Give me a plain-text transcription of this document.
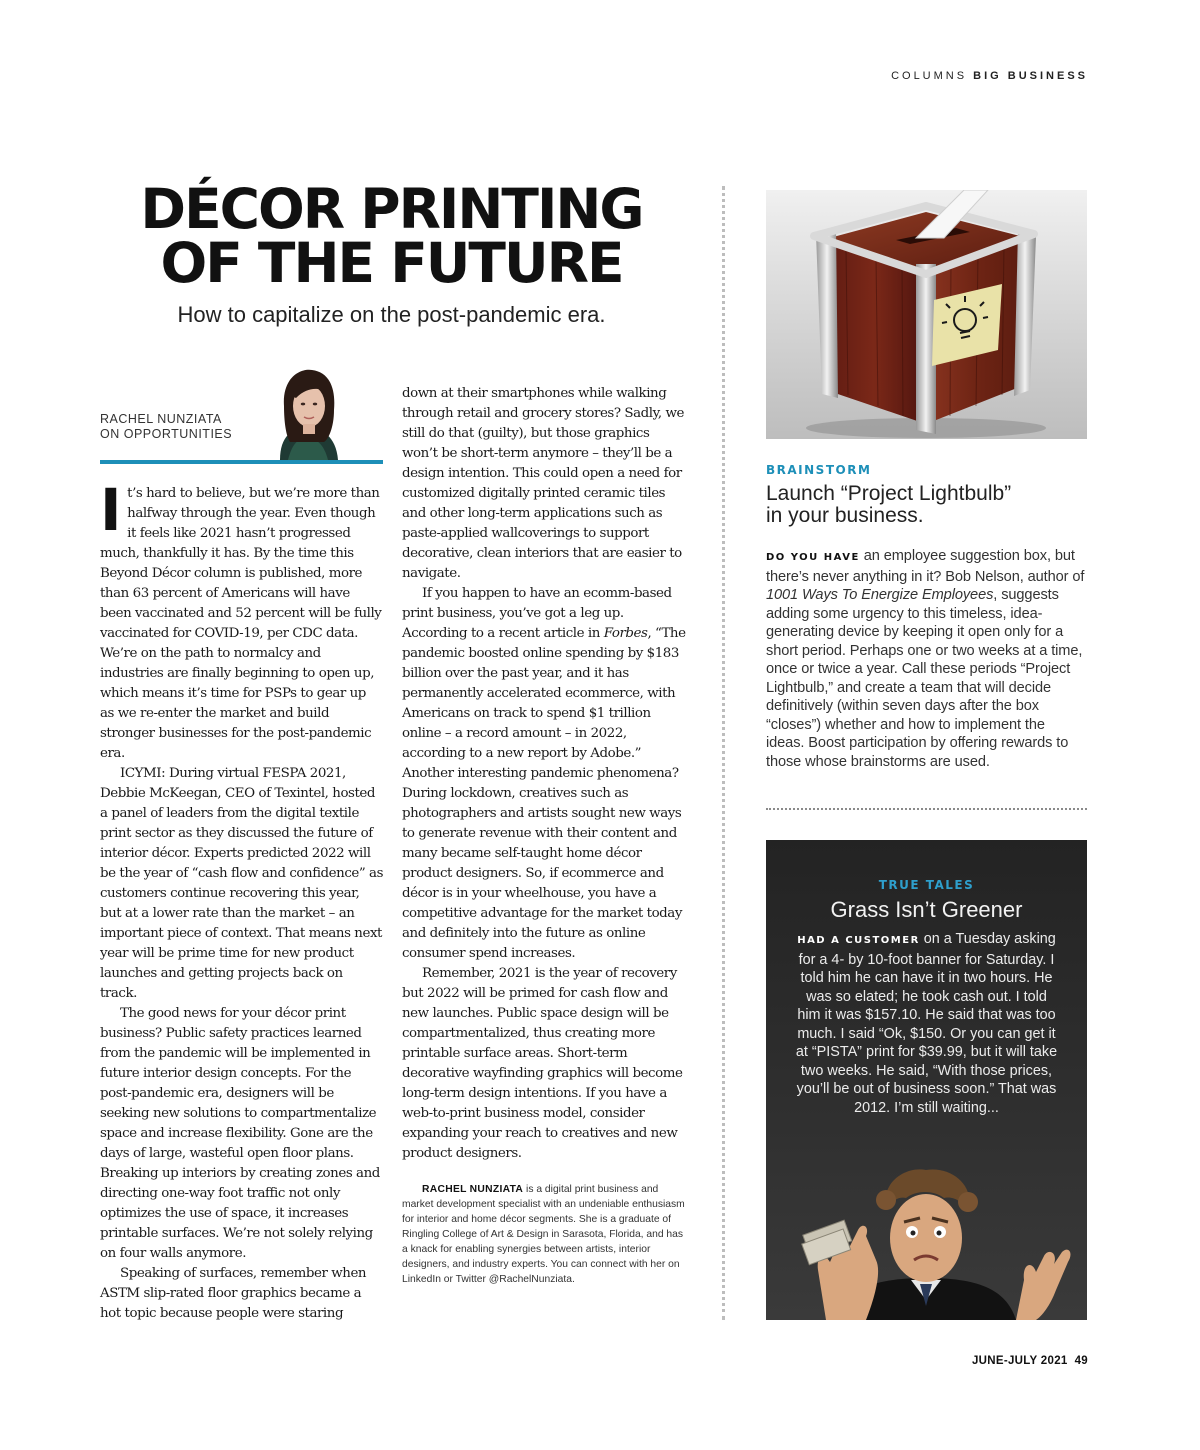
COLUMNS BIG BUSINESS
DÉCOR PRINTING
OF THE FUTURE
How to capitalize on the post-pandemic era.
RACHEL NUNZIATA
ON OPPORTUNITIES

It’s hard to believe, but we’re more than halfway through the year. Even though it feels like 2021 hasn’t progressed much, thankfully it has. By the time this Beyond Décor column is published, more than 63 percent of Americans will have been vaccinated and 52 percent will be fully vaccinated for COVID-19, per CDC data. We’re on the path to normalcy and industries are finally beginning to open up, which means it’s time for PSPs to gear up as we re-enter the market and build stronger businesses for the post-pandemic era.

ICYMI: During virtual FESPA 2021, Debbie McKeegan, CEO of Texintel, hosted a panel of leaders from the digital textile print sector as they discussed the future of interior décor. Experts predicted 2022 will be the year of “cash flow and confidence” as customers continue recovering this year, but at a lower rate than the market – an important piece of context. That means next year will be prime time for new product launches and getting projects back on track.

The good news for your décor print business? Public safety practices learned from the pandemic will be implemented in future interior design concepts. For the post-pandemic era, designers will be seeking new solutions to compartmentalize space and increase flexibility. Gone are the days of large, wasteful open floor plans. Breaking up interiors by creating zones and directing one-way foot traffic not only optimizes the use of space, it increases printable surfaces. We’re not solely relying on four walls anymore.

Speaking of surfaces, remember when ASTM slip-rated floor graphics became a hot topic because people were staring

down at their smartphones while walking through retail and grocery stores? Sadly, we still do that (guilty), but those graphics won’t be short-term anymore – they’ll be a design intention. This could open a need for customized digitally printed ceramic tiles and other long-term applications such as paste-applied wallcoverings to support decorative, clean interiors that are easier to navigate.

If you happen to have an ecomm-based print business, you’ve got a leg up. According to a recent article in Forbes, “The pandemic boosted online spending by $183 billion over the past year, and it has permanently accelerated ecommerce, with Americans on track to spend $1 trillion online – a record amount – in 2022, according to a new report by Adobe.” Another interesting pandemic phenomena? During lockdown, creatives such as photographers and artists sought new ways to generate revenue with their content and many became self-taught home décor product designers. So, if ecommerce and décor is in your wheelhouse, you have a competitive advantage for the market today and definitely into the future as online consumer spend increases.

Remember, 2021 is the year of recovery but 2022 will be primed for cash flow and new launches. Public space design will be compartmentalized, thus creating more printable surface areas. Short-term decorative wayfinding graphics will become long-term design intentions. If you have a web-to-print business model, consider expanding your reach to creatives and new product designers.

RACHEL NUNZIATA is a digital print business and market development specialist with an undeniable enthusiasm for interior and home décor segments. She is a graduate of Ringling College of Art & Design in Sarasota, Florida, and has a knack for enabling synergies between artists, interior designers, and industry experts. You can connect with her on LinkedIn or Twitter @RachelNunziata.

BRAINSTORM
Launch “Project Lightbulb”
in your business.

DO YOU HAVE an employee suggestion box, but there’s never anything in it? Bob Nelson, author of 1001 Ways To Energize Employees, suggests adding some urgency to this timeless, idea-generating device by keeping it open only for a short period. Perhaps one or two weeks at a time, once or twice a year. Call these periods “Project Lightbulb,” and create a team that will decide definitively (within seven days after the box “closes”) whether and how to implement the ideas. Boost participation by offering rewards to those whose brainstorms are used.

TRUE TALES
Grass Isn’t Greener

HAD A CUSTOMER on a Tuesday asking for a 4- by 10-foot banner for Saturday. I told him he can have it in two hours. He was so elated; he took cash out. I told him it was $157.10. He said that was too much. I said “Ok, $150. Or you can get it at “PISTA” print for $39.99, but it will take two weeks. He said, “With those prices, you’ll be out of business soon.” That was 2012. I’m still waiting...

JUNE-JULY 2021 49
